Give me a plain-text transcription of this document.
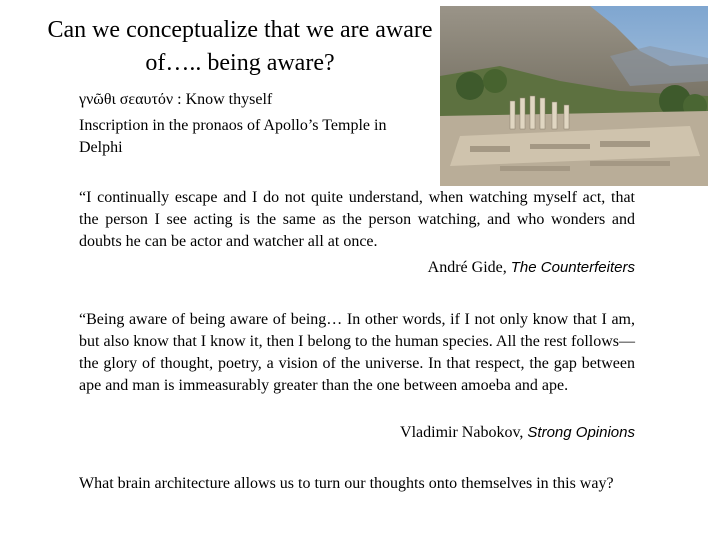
Can we conceptualize that we are aware of….. being aware?
γνῶθι σεαυτόν : Know thyself
Inscription in the pronaos of Apollo’s Temple in Delphi
“I continually escape and I do not quite understand, when watching myself act, that the person I see acting is the same as the person watching, and who wonders and doubts he can be actor and watcher all at once.
André Gide, The Counterfeiters
“Being aware of being aware of being… In other words, if I not only know that I am, but also know that I know it, then I belong to the human species. All the rest follows—the glory of thought, poetry, a vision of the universe. In that respect, the gap between ape and man is immeasurably greater than the one between amoeba and ape.
Vladimir Nabokov, Strong Opinions
What brain architecture allows us to turn our thoughts onto themselves in this way?
